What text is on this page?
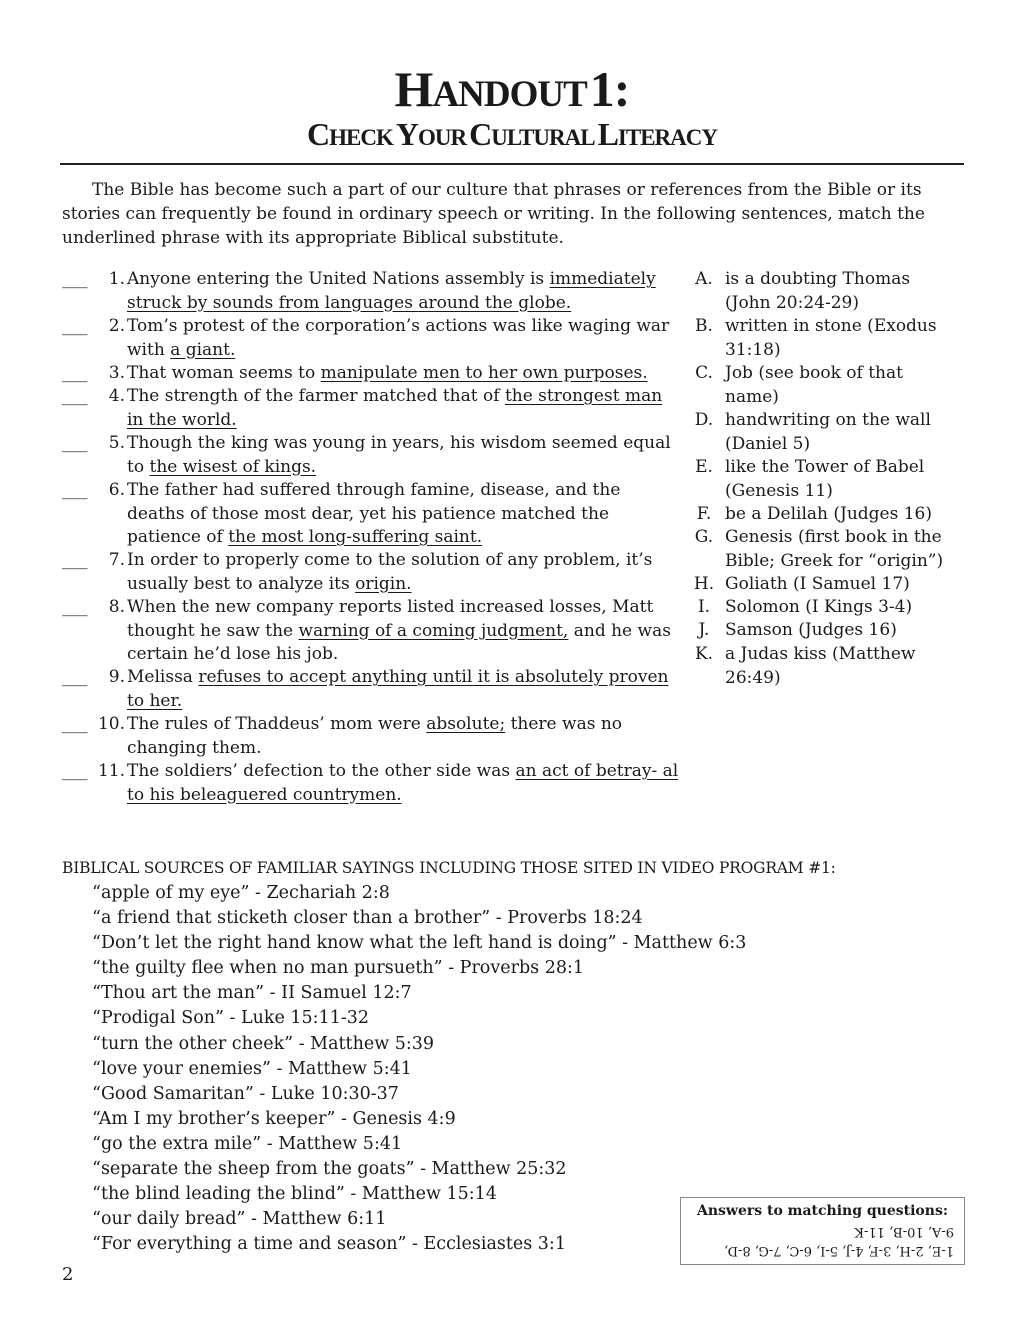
HANDOUT 1:
CHECK YOUR CULTURAL LITERACY
The Bible has become such a part of our culture that phrases or references from the Bible or its stories can frequently be found in ordinary speech or writing. In the following sentences, match the underlined phrase with its appropriate Biblical substitute.
___	1. Anyone entering the United Nations assembly is immediately struck by sounds from languages around the globe.
___	2. Tom’s protest of the corporation’s actions was like waging war with a giant.
___	3. That woman seems to manipulate men to her own purposes.
___	4. The strength of the farmer matched that of the strongest man in the world.
___	5. Though the king was young in years, his wisdom seemed equal to the wisest of kings.
___	6. The father had suffered through famine, disease, and the deaths of those most dear, yet his patience matched the patience of the most long-suffering saint.
___	7. In order to properly come to the solution of any problem, it’s usually best to analyze its origin.
___	8. When the new company reports listed increased losses, Matt thought he saw the warning of a coming judgment, and he was certain he’d lose his job.
___	9. Melissa refuses to accept anything until it is absolutely proven to her.
___ 10. The rules of Thaddeus’ mom were absolute; there was no changing them.
___ 11. The soldiers’ defection to the other side was an act of betray- al to his beleaguered countrymen.
A. is a doubting Thomas (John 20:24-29)
B. written in stone (Exodus 31:18)
C. Job (see book of that name)
D. handwriting on the wall (Daniel 5)
E. like the Tower of Babel (Genesis 11)
F. be a Delilah (Judges 16)
G. Genesis (first book in the Bible; Greek for “origin”)
H. Goliath (I Samuel 17)
I. Solomon (I Kings 3-4)
J. Samson (Judges 16)
K. a Judas kiss (Matthew 26:49)
BIBLICAL SOURCES OF FAMILIAR SAYINGS INCLUDING THOSE SITED IN VIDEO PROGRAM #1:
“apple of my eye” - Zechariah 2:8
“a friend that sticketh closer than a brother” - Proverbs 18:24
“Don’t let the right hand know what the left hand is doing” - Matthew 6:3
“the guilty flee when no man pursueth” - Proverbs 28:1
“Thou art the man” - II Samuel 12:7
“Prodigal Son” - Luke 15:11-32
“turn the other cheek” - Matthew 5:39
“love your enemies” - Matthew 5:41
“Good Samaritan” - Luke 10:30-37
“Am I my brother’s keeper” - Genesis 4:9
“go the extra mile” - Matthew 5:41
“separate the sheep from the goats” - Matthew 25:32
“the blind leading the blind” - Matthew 15:14
“our daily bread” - Matthew 6:11
“For everything a time and season” - Ecclesiastes 3:1
Answers to matching questions:
1-E, 2-H, 3-F, 4-J, 5-I, 6-C, 7-G, 8-D,
9-A, 10-B, 11-K
2
